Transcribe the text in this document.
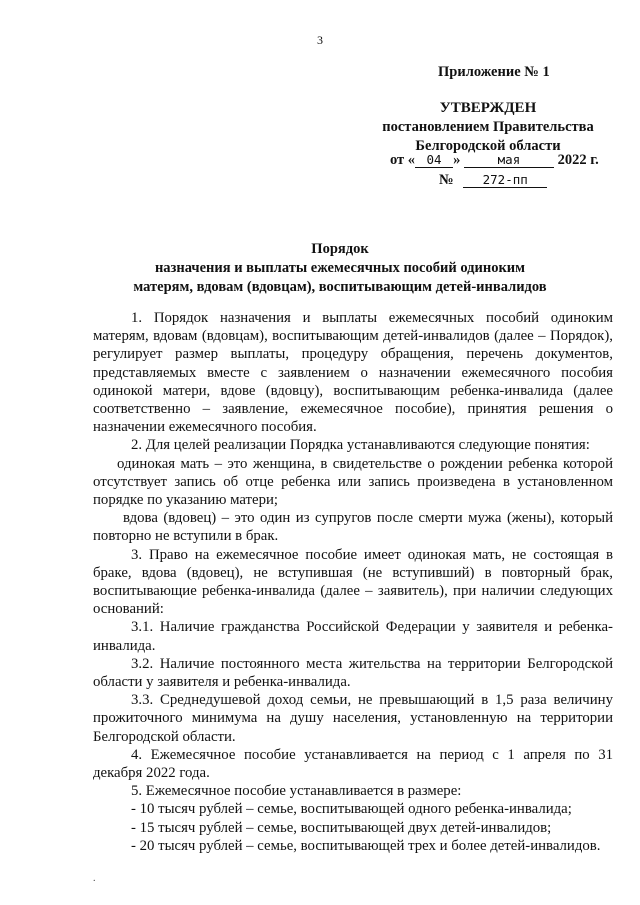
3
Приложение № 1
УТВЕРЖДЕН
постановлением Правительства
Белгородской области
от « 04 »	мая	2022 г.
№ 272-пп
Порядок
назначения и выплаты ежемесячных пособий одиноким
матерям, вдовам (вдовцам), воспитывающим детей-инвалидов

1. Порядок назначения и выплаты ежемесячных пособий одиноким матерям, вдовам (вдовцам), воспитывающим детей-инвалидов (далее – Порядок), регулирует размер выплаты, процедуру обращения, перечень документов, представляемых вместе с заявлением о назначении ежемесячного пособия одинокой матери, вдове (вдовцу), воспитывающим ребенка-инвалида (далее соответственно – заявление, ежемесячное пособие), принятия решения о назначении ежемесячного пособия.

2. Для целей реализации Порядка устанавливаются следующие понятия:

одинокая мать – это женщина, в свидетельстве о рождении ребенка которой отсутствует запись об отце ребенка или запись произведена в установленном порядке по указанию матери;

вдова (вдовец) – это один из супругов после смерти мужа (жены), который повторно не вступили в брак.

3. Право на ежемесячное пособие имеет одинокая мать, не состоящая в браке, вдова (вдовец), не вступившая (не вступивший) в повторный брак, воспитывающие ребенка-инвалида (далее – заявитель), при наличии следующих оснований:

3.1. Наличие гражданства Российской Федерации у заявителя и ребенка-инвалида.

3.2. Наличие постоянного места жительства на территории Белгородской области у заявителя и ребенка-инвалида.

3.3. Среднедушевой доход семьи, не превышающий в 1,5 раза величину прожиточного минимума на душу населения, установленную на территории Белгородской области.

4. Ежемесячное пособие устанавливается на период с 1 апреля по 31 декабря 2022 года.

5. Ежемесячное пособие устанавливается в размере:

- 10 тысяч рублей – семье, воспитывающей одного ребенка-инвалида;

- 15 тысяч рублей – семье, воспитывающей двух детей-инвалидов;

- 20 тысяч рублей – семье, воспитывающей трех и более детей-инвалидов.

.
